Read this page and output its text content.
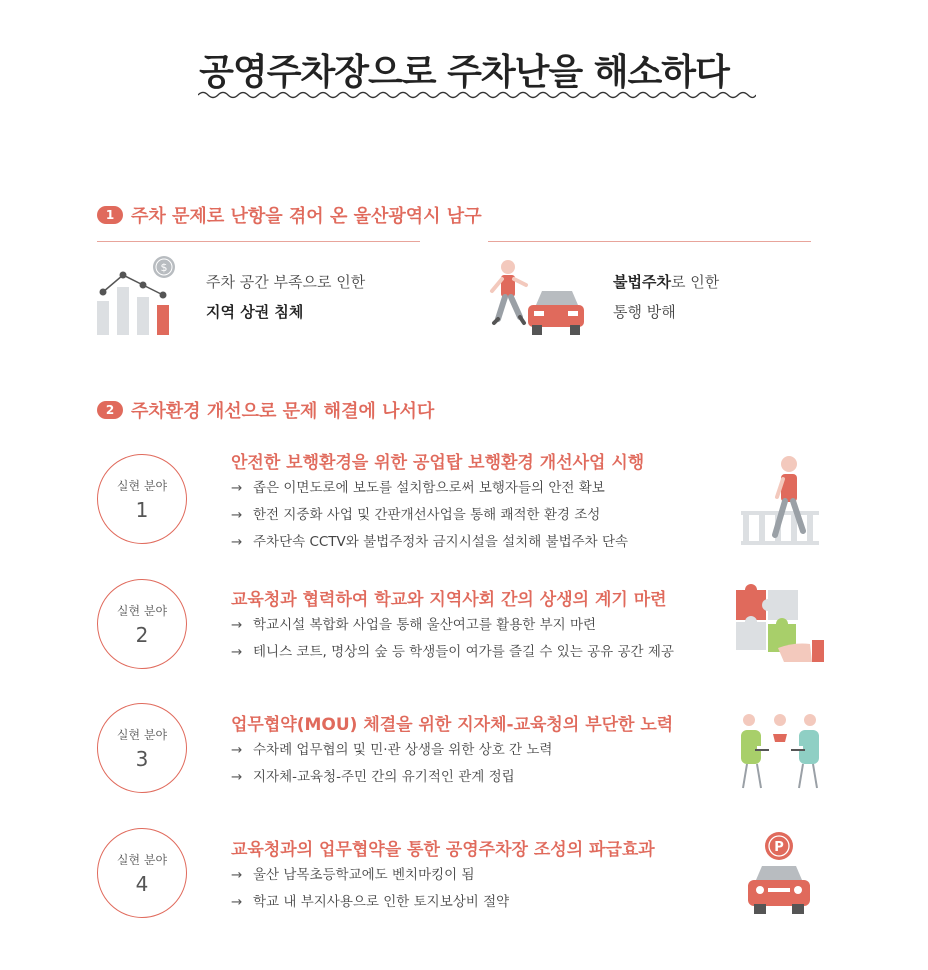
공영주차장으로 주차난을 해소하다
1 주차 문제로 난항을 겪어 온 울산광역시 남구
$
주차 공간 부족으로 인한
지역 상권 침체
불법주차로 인한
통행 방해
2 주차환경 개선으로 문제 해결에 나서다
실현 분야
1
안전한 보행환경을 위한 공업탑 보행환경 개선사업 시행
→ 좁은 이면도로에 보도를 설치함으로써 보행자들의 안전 확보
→ 한전 지중화 사업 및 간판개선사업을 통해 쾌적한 환경 조성
→ 주차단속 CCTV와 불법주정차 금지시설을 설치해 불법주차 단속
실현 분야
2
교육청과 협력하여 학교와 지역사회 간의 상생의 계기 마련
→ 학교시설 복합화 사업을 통해 울산여고를 활용한 부지 마련
→ 테니스 코트, 명상의 숲 등 학생들이 여가를 즐길 수 있는 공유 공간 제공
실현 분야
3
업무협약(MOU) 체결을 위한 지자체-교육청의 부단한 노력
→ 수차례 업무협의 및 민·관 상생을 위한 상호 간 노력
→ 지자체-교육청-주민 간의 유기적인 관계 정립
실현 분야
4
교육청과의 업무협약을 통한 공영주차장 조성의 파급효과
→ 울산 남목초등학교에도 벤치마킹이 됨
→ 학교 내 부지사용으로 인한 토지보상비 절약
P
